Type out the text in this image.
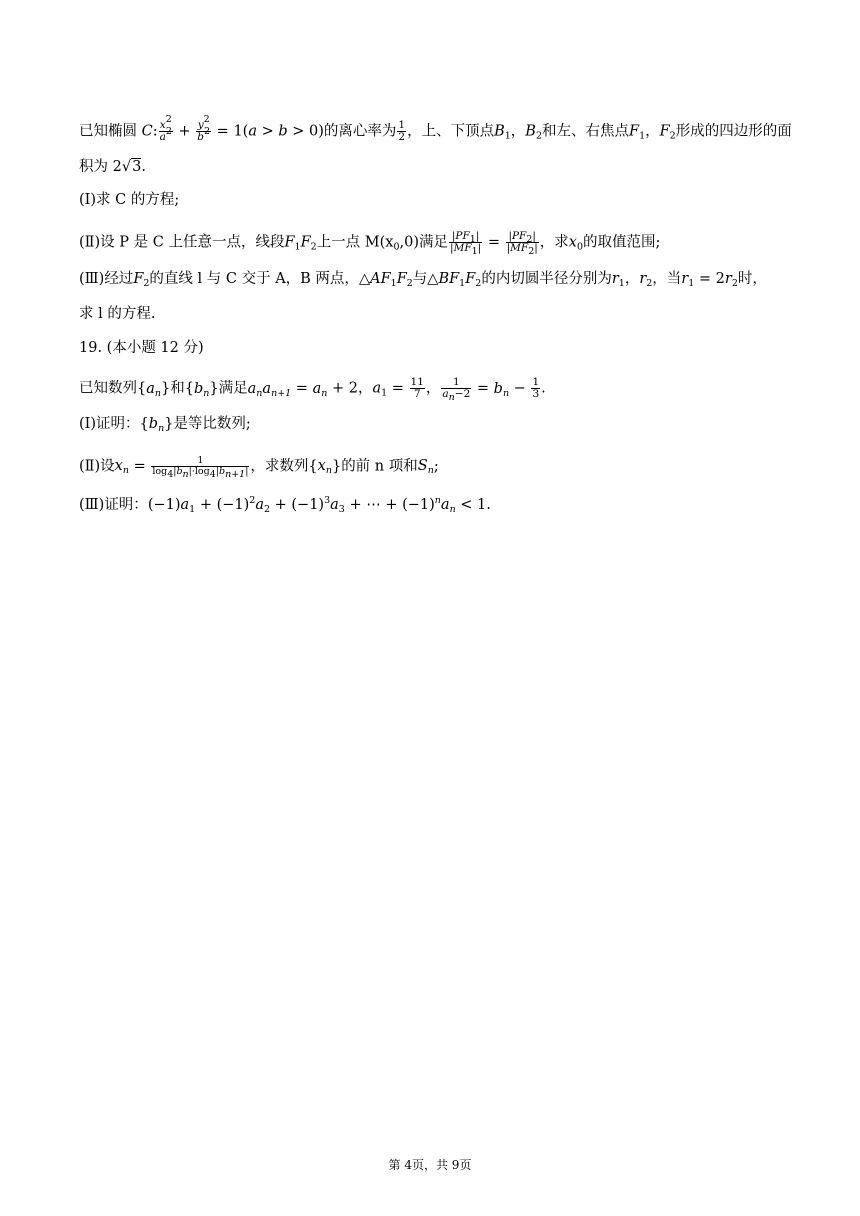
已知椭圆 C: $\frac{x^2}{a^2} + \frac{y^2}{b^2} = 1(a > b > 0)$的离心率为 $\frac{1}{2}$ ，上、下顶点$B_1$，$B_2$和左、右焦点$F_1$，$F_2$形成的四边形的面
积为 2√3.
(Ⅰ)求 C 的方程;
(Ⅱ)设 P 是 C 上任意一点，线段$F_1F_2$上一点 $M(x_0,0)$满足 $\frac{|PF_1|}{|MF_1|} = \frac{|PF_2|}{|MF_2|}$ ，求$x_0$的取值范围;
(Ⅲ)经过$F_2$的直线 l 与 C 交于 A，B 两点，$\triangle AF_1F_2$与$\triangle BF_1F_2$的内切圆半径分别为$r_1$，$r_2$，当$r_1 = 2r_2$时，
求 l 的方程.
19. (本小题 12 分)
已知数列$\{a_n\}$和$\{b_n\}$满足$a_na_{n+1} = a_n + 2$，$a_1 = \frac{11}{7}$ ， $\frac{1}{a_n-2} = b_n - \frac{1}{3}$ .
(Ⅰ)证明：$\{b_n\}$是等比数列;
(Ⅱ)设$x_n = \frac{1}{\log_4|b_n|\cdot\log_4|b_{n+1}|}$ ，求数列$\{x_n\}$的前 n 项和$S_n$;
(Ⅲ)证明：$(-1)a_1 + (-1)^2a_2 + (-1)^3a_3$ + ⋯ + $(-1)^na_n < 1$.
第 4页，共 9页
